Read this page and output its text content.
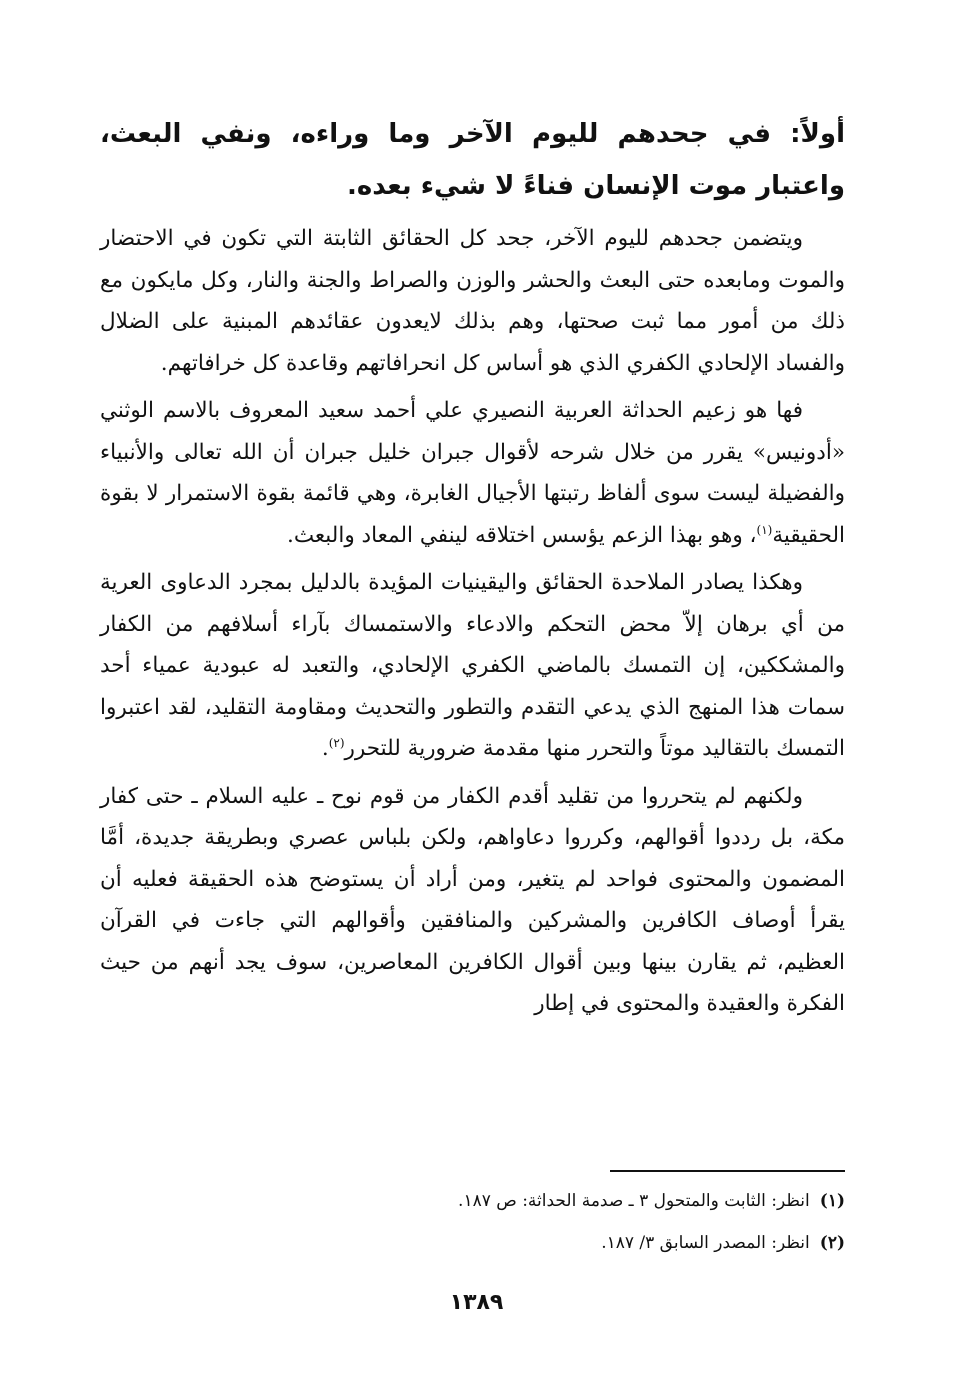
أولاً: في جحدهم لليوم الآخر وما وراءه، ونفي البعث، واعتبار موت الإنسان فناءً لا شيء بعده.

ويتضمن جحدهم لليوم الآخر، جحد كل الحقائق الثابتة التي تكون في الاحتضار والموت ومابعده حتى البعث والحشر والوزن والصراط والجنة والنار، وكل مايكون مع ذلك من أمور مما ثبت صحتها، وهم بذلك لايعدون عقائدهم المبنية على الضلال والفساد الإلحادي الكفري الذي هو أساس كل انحرافاتهم وقاعدة كل خرافاتهم.

فها هو زعيم الحداثة العربية النصيري علي أحمد سعيد المعروف بالاسم الوثني «أدونيس» يقرر من خلال شرحه لأقوال جبران خليل جبران أن الله تعالى والأنبياء والفضيلة ليست سوى ألفاظ رتبتها الأجيال الغابرة، وهي قائمة بقوة الاستمرار لا بقوة الحقيقية$^{(١)}$، وهو بهذا الزعم يؤسس اختلاقه لينفي المعاد والبعث.

وهكذا يصادر الملاحدة الحقائق واليقينيات المؤيدة بالدليل بمجرد الدعاوى العرية من أي برهان إلاّ محض التحكم والادعاء والاستمساك بآراء أسلافهم من الكفار والمشككين، إن التمسك بالماضي الكفري الإلحادي، والتعبد له عبودية عمياء أحد سمات هذا المنهج الذي يدعي التقدم والتطور والتحديث ومقاومة التقليد، لقد اعتبروا التمسك بالتقاليد موتاً والتحرر منها مقدمة ضرورية للتحرر$^{(٢)}$.

ولكنهم لم يتحرروا من تقليد أقدم الكفار من قوم نوح ـ عليه السلام ـ حتى كفار مكة، بل رددوا أقوالهم، وكرروا دعاواهم، ولكن بلباس عصري وبطريقة جديدة، أمَّا المضمون والمحتوى فواحد لم يتغير، ومن أراد أن يستوضح هذه الحقيقة فعليه أن يقرأ أوصاف الكافرين والمشركين والمنافقين وأقوالهم التي جاءت في القرآن العظيم، ثم يقارن بينها وبين أقوال الكافرين المعاصرين، سوف يجد أنهم من حيث الفكرة والعقيدة والمحتوى في إطار

(١)انظر: الثابت والمتحول ٣ ـ صدمة الحداثة: ص ١٨٧.

(٢)انظر: المصدر السابق ٣/ ١٨٧.

١٣٨٩
